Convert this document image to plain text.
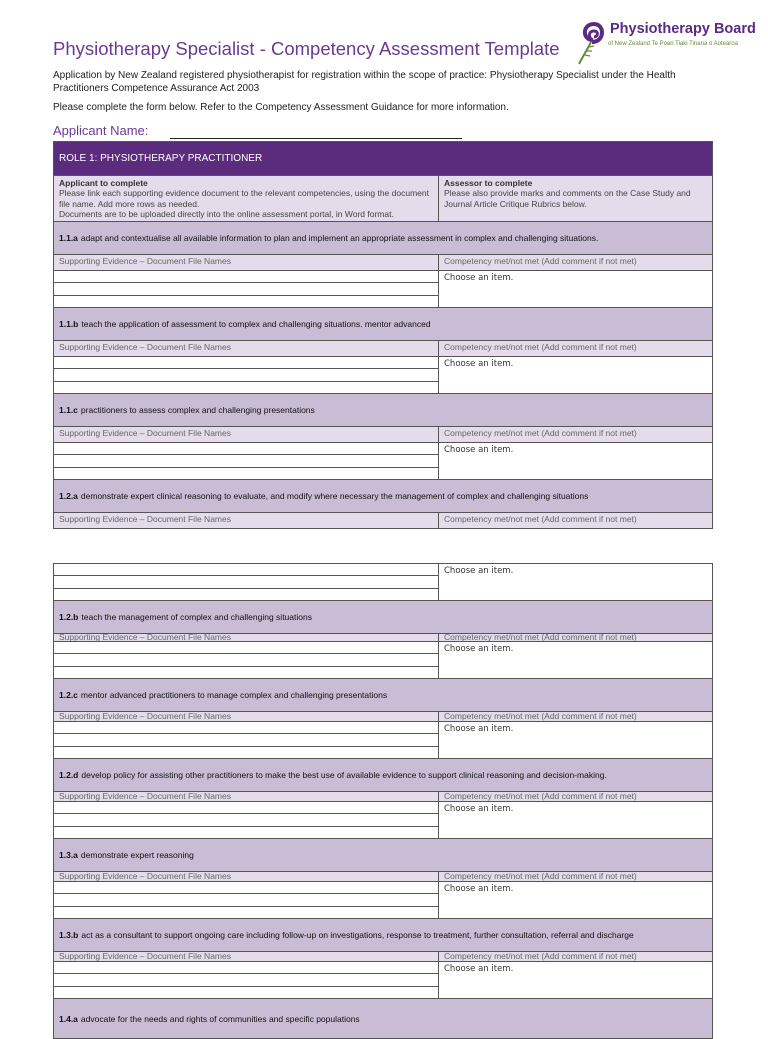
Physiotherapy Specialist - Competency Assessment Template
Physiotherapy Board
of New Zealand Te Poari Tiaki Tinana o Aotearoa
Application by New Zealand registered physiotherapist for registration within the scope of practice: Physiotherapy Specialist under the Health Practitioners Competence Assurance Act 2003
Please complete the form below. Refer to the Competency Assessment Guidance for more information.
Applicant Name:
ROLE 1: PHYSIOTHERAPY PRACTITIONER
Applicant to complete
Please link each supporting evidence document to the relevant competencies, using the document file name. Add more rows as needed.
Documents are to be uploaded directly into the online assessment portal, in Word format.
Assessor to complete
Please also provide marks and comments on the Case Study and Journal Article Critique Rubrics below.
1.1.a adapt and contextualise all available information to plan and implement an appropriate assessment in complex and challenging situations.
Supporting Evidence – Document File Names	Competency met/not met (Add comment if not met)
Choose an item.
1.1.b teach the application of assessment to complex and challenging situations. mentor advanced
Supporting Evidence – Document File Names	Competency met/not met (Add comment if not met)
Choose an item.
1.1.c practitioners to assess complex and challenging presentations
Supporting Evidence – Document File Names	Competency met/not met (Add comment if not met)
Choose an item.
1.2.a demonstrate expert clinical reasoning to evaluate, and modify where necessary the management of complex and challenging situations
Supporting Evidence – Document File Names	Competency met/not met (Add comment if not met)
Choose an item.
1.2.b teach the management of complex and challenging situations
Supporting Evidence – Document File Names	Competency met/not met (Add comment if not met)
Choose an item.
1.2.c mentor advanced practitioners to manage complex and challenging presentations
Supporting Evidence – Document File Names	Competency met/not met (Add comment if not met)
Choose an item.
1.2.d develop policy for assisting other practitioners to make the best use of available evidence to support clinical reasoning and decision-making.
Supporting Evidence – Document File Names	Competency met/not met (Add comment if not met)
Choose an item.
1.3.a demonstrate expert reasoning
Supporting Evidence – Document File Names	Competency met/not met (Add comment if not met)
Choose an item.
1.3.b act as a consultant to support ongoing care including follow-up on investigations, response to treatment, further consultation, referral and discharge
Supporting Evidence – Document File Names	Competency met/not met (Add comment if not met)
Choose an item.
1.4.a advocate for the needs and rights of communities and specific populations
